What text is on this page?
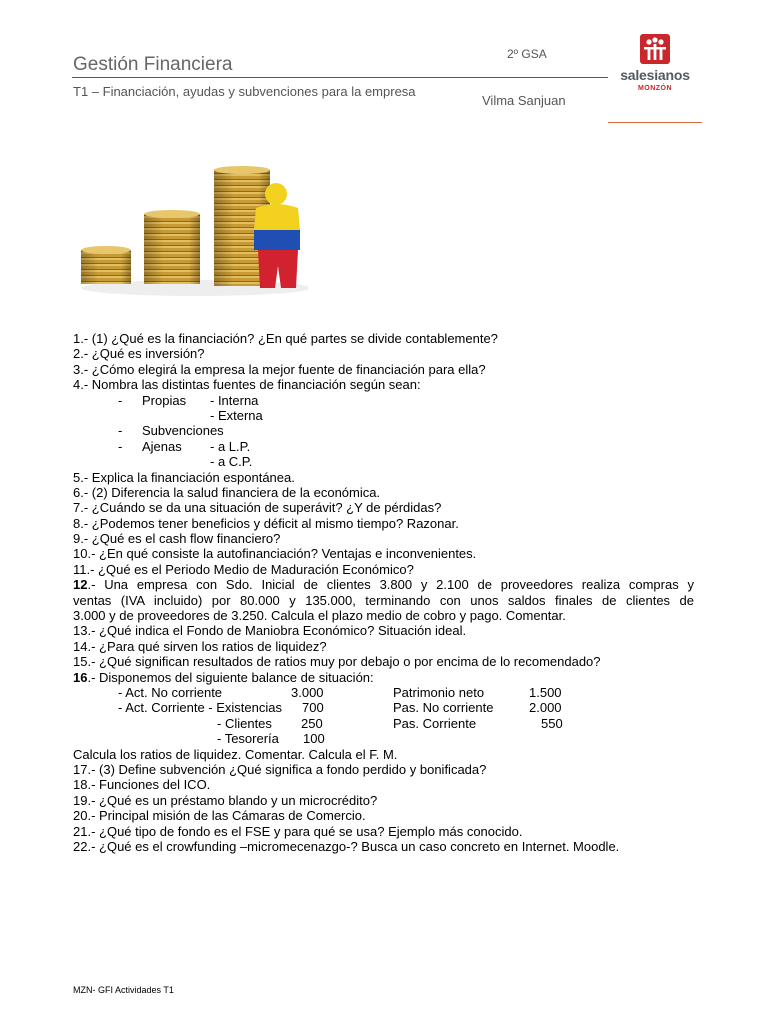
Gestión Financiera
T1 – Financiación, ayudas y subvenciones para la empresa
2º GSA
Vilma Sanjuan
salesianos
MONZÓN
1.- (1) ¿Qué es la financiación? ¿En qué partes se divide contablemente?
2.- ¿Qué es inversión?
3.- ¿Cómo elegirá la empresa la mejor fuente de financiación para ella?
4.- Nombra las distintas fuentes de financiación según sean:
- Propias - Interna
- Externa
- Subvenciones
- Ajenas - a L.P.
- a C.P.
5.- Explica la financiación espontánea.
6.- (2) Diferencia la salud financiera de la económica.
7.- ¿Cuándo se da una situación de superávit? ¿Y de pérdidas?
8.- ¿Podemos tener beneficios y déficit al mismo tiempo? Razonar.
9.- ¿Qué es el cash flow financiero?
10.- ¿En qué consiste la autofinanciación? Ventajas e inconvenientes.
11.- ¿Qué es el Periodo Medio de Maduración Económico?
12.- Una empresa con Sdo. Inicial de clientes 3.800 y 2.100 de proveedores realiza compras y
ventas (IVA incluido) por 80.000 y 135.000, terminando con unos saldos finales de clientes de
3.000 y de proveedores de 3.250. Calcula el plazo medio de cobro y pago. Comentar.
13.- ¿Qué indica el Fondo de Maniobra Económico? Situación ideal.
14.- ¿Para qué sirven los ratios de liquidez?
15.- ¿Qué significan resultados de ratios muy por debajo o por encima de lo recomendado?
16.- Disponemos del siguiente balance de situación:
- Act. No corriente	3.000	Patrimonio neto	1.500
- Act. Corriente - Existencias 700	Pas. No corriente	2.000
- Clientes 250	Pas. Corriente	550
- Tesorería 100
Calcula los ratios de liquidez. Comentar. Calcula el F. M.
17.- (3) Define subvención ¿Qué significa a fondo perdido y bonificada?
18.- Funciones del ICO.
19.- ¿Qué es un préstamo blando y un microcrédito?
20.- Principal misión de las Cámaras de Comercio.
21.- ¿Qué tipo de fondo es el FSE y para qué se usa? Ejemplo más conocido.
22.- ¿Qué es el crowfunding –micromecenazgo-? Busca un caso concreto en Internet. Moodle.
MZN- GFI Actividades T1
